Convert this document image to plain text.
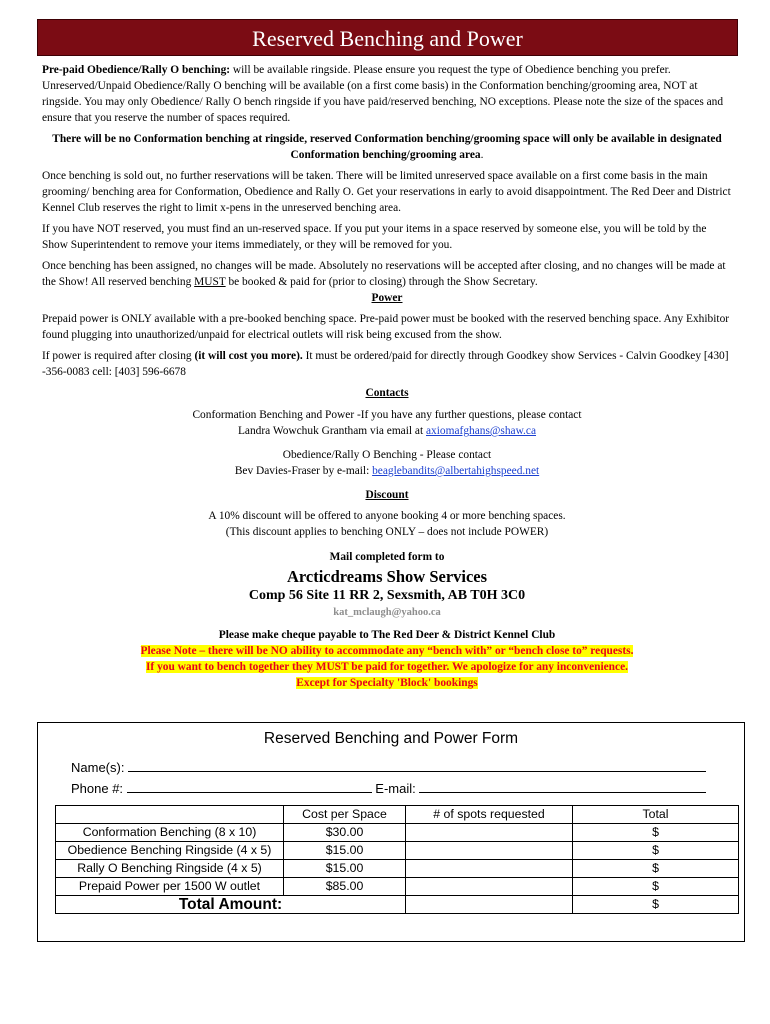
Reserved Benching and Power

Pre-paid Obedience/Rally O benching: will be available ringside. Please ensure you request the type of Obedience benching you prefer. Unreserved/Unpaid Obedience/Rally O benching will be available (on a first come basis) in the Conformation benching/grooming area, NOT at ringside. You may only Obedience/ Rally O bench ringside if you have paid/reserved benching, NO exceptions. Please note the size of the spaces and ensure that you reserve the number of spaces required.

There will be no Conformation benching at ringside, reserved Conformation benching/grooming space will only be available in designated Conformation benching/grooming area.

Once benching is sold out, no further reservations will be taken. There will be limited unreserved space available on a first come basis in the main grooming/ benching area for Conformation, Obedience and Rally O. Get your reservations in early to avoid disappointment. The Red Deer and District Kennel Club reserves the right to limit x-pens in the unreserved benching area.

If you have NOT reserved, you must find an un-reserved space. If you put your items in a space reserved by someone else, you will be told by the Show Superintendent to remove your items immediately, or they will be removed for you.

Once benching has been assigned, no changes will be made. Absolutely no reservations will be accepted after closing, and no changes will be made at the Show! All reserved benching MUST be booked & paid for (prior to closing) through the Show Secretary.

Power

Prepaid power is ONLY available with a pre-booked benching space. Pre-paid power must be booked with the reserved benching space. Any Exhibitor found plugging into unauthorized/unpaid for electrical outlets will risk being excused from the show.

If power is required after closing (it will cost you more). It must be ordered/paid for directly through Goodkey show Services - Calvin Goodkey [430] -356-0083 cell: [403] 596-6678

Contacts

Conformation Benching and Power -If you have any further questions, please contact
Landra Wowchuk Grantham via email at axiomafghans@shaw.ca

Obedience/Rally O Benching - Please contact
Bev Davies-Fraser by e-mail: beaglebandits@albertahighspeed.net

Discount

A 10% discount will be offered to anyone booking 4 or more benching spaces.
(This discount applies to benching ONLY – does not include POWER)

Mail completed form to

Arcticdreams Show Services
Comp 56 Site 11 RR 2, Sexsmith, AB T0H 3C0
kat_mclaugh@yahoo.ca
Please make cheque payable to The Red Deer & District Kennel Club
Please Note – there will be NO ability to accommodate any “bench with” or “bench close to” requests.
If you want to bench together they MUST be paid for together. We apologize for any inconvenience.
Except for Specialty 'Block' bookings
Reserved Benching and Power Form
Name(s):
Phone #:	E-mail:
	Cost per Space	# of spots requested	Total
Conformation Benching (8 x 10)	$30.00		$
Obedience Benching Ringside (4 x 5)	$15.00		$
Rally O Benching Ringside (4 x 5)	$15.00		$
Prepaid Power per 1500 W outlet	$85.00		$
Total Amount:			$
